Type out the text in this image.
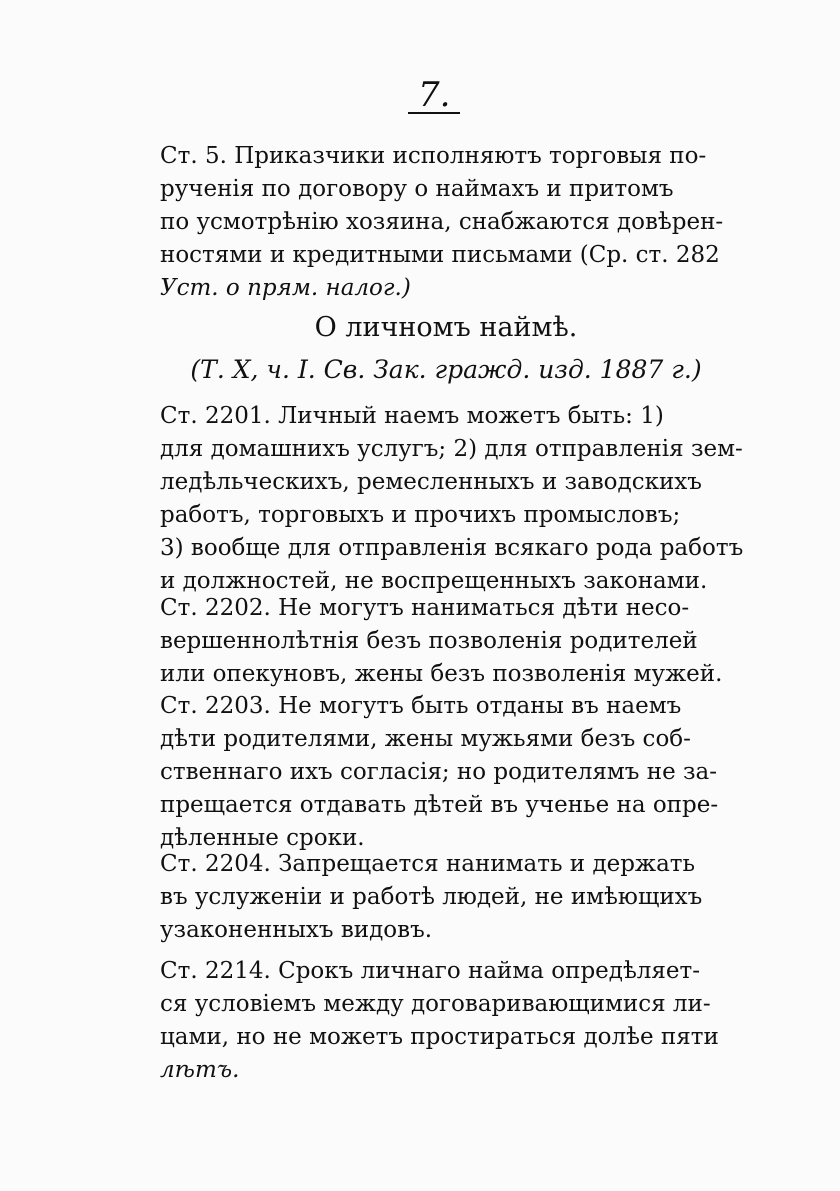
7.
Ст. 5. Приказчики исполняютъ торговыя по-
рученія по договору о наймахъ и притомъ
по усмотрѣнію хозяина, снабжаются довѣрен-
ностями и кредитными письмами (Ср. ст. 282
Уст. о прям. налог.)
О личномъ наймѣ.
(Т. X, ч. I. Св. Зак. гражд. изд. 1887 г.)
Ст. 2201. Личный наемъ можетъ быть: 1)
для домашнихъ услугъ; 2) для отправленія зем-
ледѣльческихъ, ремесленныхъ и заводскихъ
работъ, торговыхъ и прочихъ промысловъ;
3) вообще для отправленія всякаго рода работъ
и должностей, не воспрещенныхъ законами.
Ст. 2202. Не могутъ наниматься дѣти несо-
вершеннолѣтнія безъ позволенія родителей
или опекуновъ, жены безъ позволенія мужей.
Ст. 2203. Не могутъ быть отданы въ наемъ
дѣти родителями, жены мужьями безъ соб-
ственнаго ихъ согласія; но родителямъ не за-
прещается отдавать дѣтей въ ученье на опре-
дѣленные сроки.
Ст. 2204. Запрещается нанимать и держать
въ услуженіи и работѣ людей, не имѣющихъ
узаконенныхъ видовъ.
Ст. 2214. Срокъ личнаго найма опредѣляет-
ся условіемъ между договаривающимися ли-
цами, но не можетъ простираться долѣе пяти
лѣтъ.
